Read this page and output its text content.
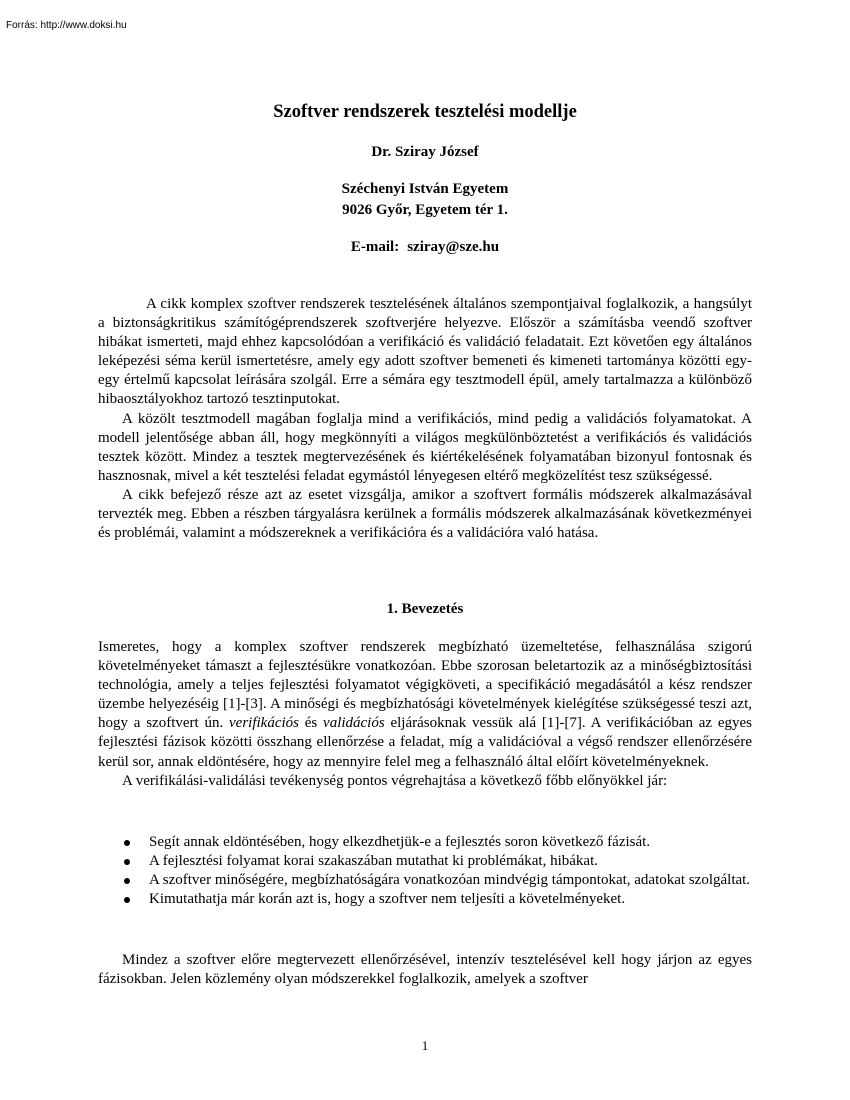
Forrás: http://www.doksi.hu
Szoftver rendszerek tesztelési modellje
Dr. Sziray József
Széchenyi István Egyetem
9026 Győr, Egyetem tér 1.
E-mail: sziray@sze.hu

A cikk komplex szoftver rendszerek tesztelésének általános szempontjaival foglalkozik, a hangsúlyt a biztonságkritikus számítógéprendszerek szoftverjére helyezve. Először a számításba veendő szoftver hibákat ismerteti, majd ehhez kapcsolódóan a verifikáció és validáció feladatait. Ezt követően egy általános leképezési séma kerül ismertetésre, amely egy adott szoftver bemeneti és kimeneti tartománya közötti egy-egy értelmű kapcsolat leírására szolgál. Erre a sémára egy tesztmodell épül, amely tartalmazza a különböző hibaosztályokhoz tartozó tesztinputokat.

A közölt tesztmodell magában foglalja mind a verifikációs, mind pedig a validációs folyamatokat. A modell jelentősége abban áll, hogy megkönnyíti a világos megkülönböztetést a verifikációs és validációs tesztek között. Mindez a tesztek megtervezésének és kiértékelésének folyamatában bizonyul fontosnak és hasznosnak, mivel a két tesztelési feladat egymástól lényegesen eltérő megközelítést tesz szükségessé.

A cikk befejező része azt az esetet vizsgálja, amikor a szoftvert formális módszerek alkalmazásával tervezték meg. Ebben a részben tárgyalásra kerülnek a formális módszerek alkalmazásának következményei és problémái, valamint a módszereknek a verifikációra és a validációra való hatása.

1. Bevezetés

Ismeretes, hogy a komplex szoftver rendszerek megbízható üzemeltetése, felhasználása szigorú követelményeket támaszt a fejlesztésükre vonatkozóan. Ebbe szorosan beletartozik az a minőségbiztosítási technológia, amely a teljes fejlesztési folyamatot végigköveti, a specifikáció megadásától a kész rendszer üzembe helyezéséig [1]-[3]. A minőségi és megbízhatósági követelmények kielégítése szükségessé teszi azt, hogy a szoftvert ún. verifikációs és validációs eljárásoknak vessük alá [1]-[7]. A verifikációban az egyes fejlesztési fázisok közötti összhang ellenőrzése a feladat, míg a validációval a végső rendszer ellenőrzésére kerül sor, annak eldöntésére, hogy az mennyire felel meg a felhasználó által előírt követelményeknek.

A verifikálási-validálási tevékenység pontos végrehajtása a következő főbb előnyökkel jár:

Segít annak eldöntésében, hogy elkezdhetjük-e a fejlesztés soron következő fázisát.
A fejlesztési folyamat korai szakaszában mutathat ki problémákat, hibákat.
A szoftver minőségére, megbízhatóságára vonatkozóan mindvégig támpontokat, adatokat szolgáltat.
Kimutathatja már korán azt is, hogy a szoftver nem teljesíti a követelményeket.

Mindez a szoftver előre megtervezett ellenőrzésével, intenzív tesztelésével kell hogy járjon az egyes fázisokban. Jelen közlemény olyan módszerekkel foglalkozik, amelyek a szoftver

1
